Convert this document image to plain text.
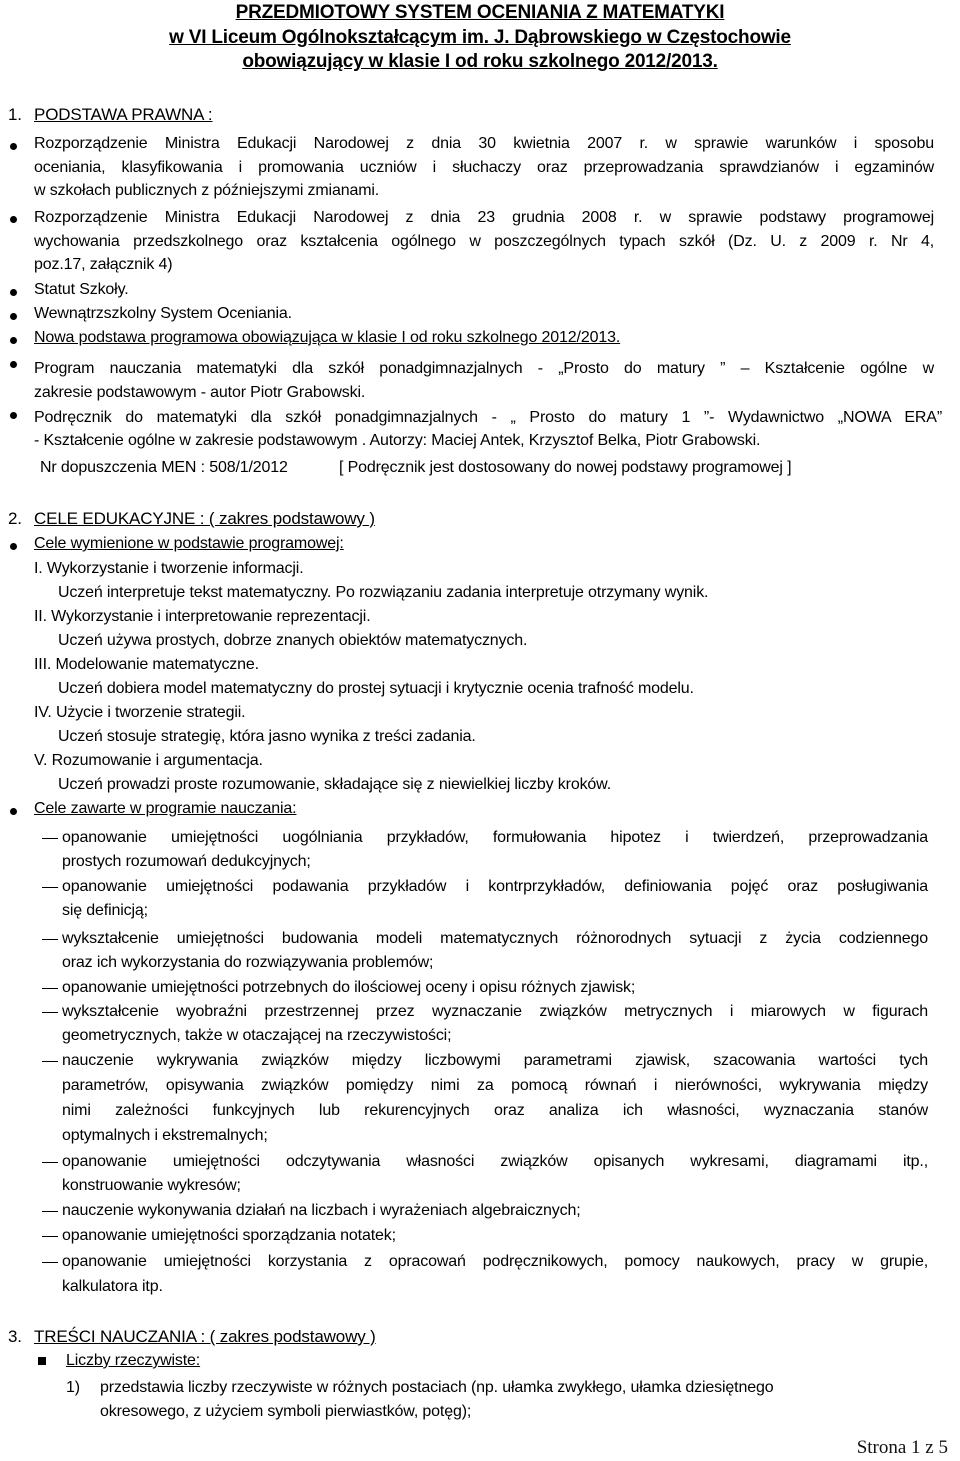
PRZEDMIOTOWY SYSTEM OCENIANIA Z MATEMATYKI
w VI Liceum Ogólnokształcącym im. J. Dąbrowskiego w Częstochowie
obowiązujący w klasie I od roku szkolnego 2012/2013.
1. PODSTAWA PRAWNA :
Rozporządzenie Ministra Edukacji Narodowej z dnia 30 kwietnia 2007 r. w sprawie warunków i sposobu
oceniania, klasyfikowania i promowania uczniów i słuchaczy oraz przeprowadzania sprawdzianów i egzaminów
w szkołach publicznych z późniejszymi zmianami.
Rozporządzenie Ministra Edukacji Narodowej z dnia 23 grudnia 2008 r. w sprawie podstawy programowej
wychowania przedszkolnego oraz kształcenia ogólnego w poszczególnych typach szkół (Dz. U. z 2009 r. Nr 4,
poz.17, załącznik 4)
Statut Szkoły.
Wewnątrzszkolny System Oceniania.
Nowa podstawa programowa obowiązująca w klasie I od roku szkolnego 2012/2013.
Program nauczania matematyki dla szkół ponadgimnazjalnych - „Prosto do matury ” – Kształcenie ogólne w
zakresie podstawowym - autor Piotr Grabowski.
Podręcznik do matematyki dla szkół ponadgimnazjalnych - „ Prosto do matury 1 ”- Wydawnictwo „NOWA ERA”
- Kształcenie ogólne w zakresie podstawowym . Autorzy: Maciej Antek, Krzysztof Belka, Piotr Grabowski.
Nr dopuszczenia MEN : 508/1/2012	[ Podręcznik jest dostosowany do nowej podstawy programowej ]
2. CELE EDUKACYJNE : ( zakres podstawowy )
Cele wymienione w podstawie programowej:
I. Wykorzystanie i tworzenie informacji.
Uczeń interpretuje tekst matematyczny. Po rozwiązaniu zadania interpretuje otrzymany wynik.
II. Wykorzystanie i interpretowanie reprezentacji.
Uczeń używa prostych, dobrze znanych obiektów matematycznych.
III. Modelowanie matematyczne.
Uczeń dobiera model matematyczny do prostej sytuacji i krytycznie ocenia trafność modelu.
IV. Użycie i tworzenie strategii.
Uczeń stosuje strategię, która jasno wynika z treści zadania.
V. Rozumowanie i argumentacja.
Uczeń prowadzi proste rozumowanie, składające się z niewielkiej liczby kroków.
Cele zawarte w programie nauczania:
opanowanie umiejętności uogólniania przykładów, formułowania hipotez i twierdzeń, przeprowadzania
prostych rozumowań dedukcyjnych;
opanowanie umiejętności podawania przykładów i kontrprzykładów, definiowania pojęć oraz posługiwania
się definicją;
wykształcenie umiejętności budowania modeli matematycznych różnorodnych sytuacji z życia codziennego
oraz ich wykorzystania do rozwiązywania problemów;
opanowanie umiejętności potrzebnych do ilościowej oceny i opisu różnych zjawisk;
wykształcenie wyobraźni przestrzennej przez wyznaczanie związków metrycznych i miarowych w figurach
geometrycznych, także w otaczającej na rzeczywistości;
nauczenie wykrywania związków między liczbowymi parametrami zjawisk, szacowania wartości tych
parametrów, opisywania związków pomiędzy nimi za pomocą równań i nierówności, wykrywania między
nimi zależności funkcyjnych lub rekurencyjnych oraz analiza ich własności, wyznaczania stanów
optymalnych i ekstremalnych;
opanowanie umiejętności odczytywania własności związków opisanych wykresami, diagramami itp.,
konstruowanie wykresów;
nauczenie wykonywania działań na liczbach i wyrażeniach algebraicznych;
opanowanie umiejętności sporządzania notatek;
opanowanie umiejętności korzystania z opracowań podręcznikowych, pomocy naukowych, pracy w grupie,
kalkulatora itp.
3. TREŚCI NAUCZANIA : ( zakres podstawowy )
Liczby rzeczywiste:
1) przedstawia liczby rzeczywiste w różnych postaciach (np. ułamka zwykłego, ułamka dziesiętnego
okresowego, z użyciem symboli pierwiastków, potęg);
Strona 1 z 5
